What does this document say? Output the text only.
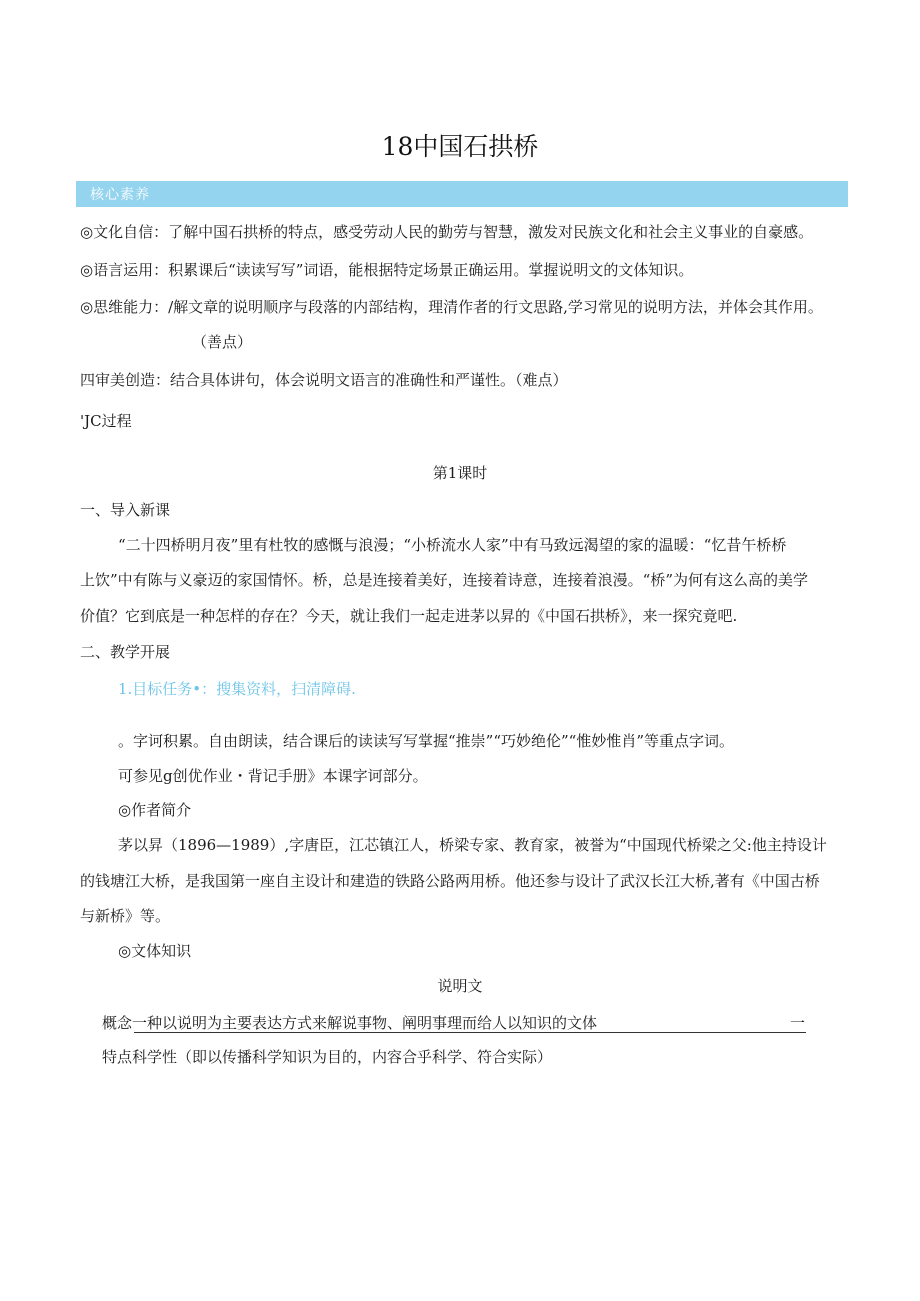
18中国石拱桥
核心素养
◎文化自信：了解中国石拱桥的特点，感受劳动人民的勤劳与智慧，激发对民族文化和社会主义事业的自豪感。
◎语言运用：积累课后“读读写写”词语，能根据特定场景正确运用。掌握说明文的文体知识。
◎思维能力：/解文章的说明顺序与段落的内部结构，理清作者的行文思路,学习常见的说明方法，并体会其作用。
（善点）
四审美创造：结合具体讲句，体会说明文语言的准确性和严谨性。（难点）
'JC过程
第1课时
一、导入新课
“二十四桥明月夜”里有杜牧的感慨与浪漫；“小桥流水人家”中有马致远渴望的家的温暖：“忆昔午桥桥
上饮”中有陈与义豪迈的家国情怀。桥，总是连接着美好，连接着诗意，连接着浪漫。“桥”为何有这么高的美学
价值？它到底是一种怎样的存在？今天，就让我们一起走进茅以昇的《中国石拱桥》，来一探究竟吧.
二、教学开展
1.目标任务•：搜集资料，扫清障碍.
。字诃积累。自由朗读，结合课后的读读写写掌握“推崇”“巧妙绝伦”“惟妙惟肖”等重点字词。
可参见g创优作业・背记手册》本课字诃部分。
◎作者简介
茅以昇（1896—1989）,字唐臣，江芯镇江人，桥梁专家、教育家，被誉为“中国现代桥梁之父:他主持设计
的钱塘江大桥，是我国第一座自主设计和建造的铁路公路两用桥。他还参与设计了武汉长江大桥,著有《中国古桥
与新桥》等。
◎文体知识
说明文
概念一种以说明为主要表达方式来解说事物、阐明事理而给人以知识的文体	一
特点科学性（即以传播科学知识为目的，内容合乎科学、符合实际）
